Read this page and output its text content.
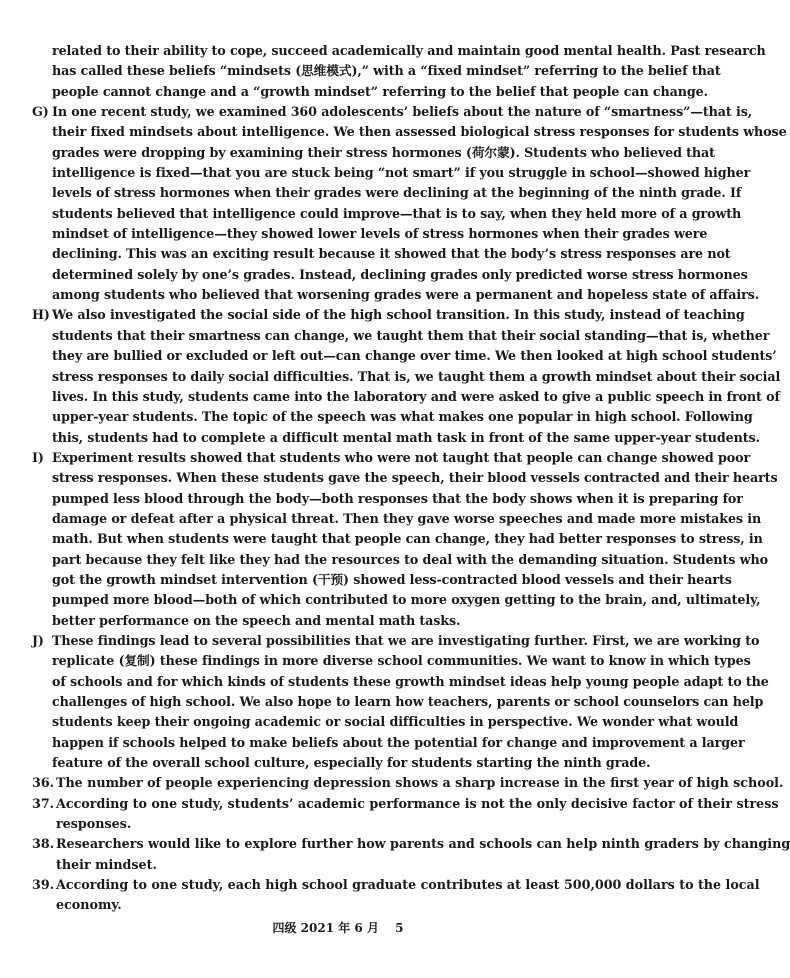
related to their ability to cope, succeed academically and maintain good mental health. Past research
has called these beliefs “mindsets (思维模式),” with a “fixed mindset” referring to the belief that
people cannot change and a “growth mindset” referring to the belief that people can change.
G) In one recent study, we examined 360 adolescents’ beliefs about the nature of “smartness”—that is,
their fixed mindsets about intelligence. We then assessed biological stress responses for students whose
grades were dropping by examining their stress hormones (荷尔蒙). Students who believed that
intelligence is fixed—that you are stuck being “not smart” if you struggle in school—showed higher
levels of stress hormones when their grades were declining at the beginning of the ninth grade. If
students believed that intelligence could improve—that is to say, when they held more of a growth
mindset of intelligence—they showed lower levels of stress hormones when their grades were
declining. This was an exciting result because it showed that the body’s stress responses are not
determined solely by one’s grades. Instead, declining grades only predicted worse stress hormones
among students who believed that worsening grades were a permanent and hopeless state of affairs.
H) We also investigated the social side of the high school transition. In this study, instead of teaching
students that their smartness can change, we taught them that their social standing—that is, whether
they are bullied or excluded or left out—can change over time. We then looked at high school students’
stress responses to daily social difficulties. That is, we taught them a growth mindset about their social
lives. In this study, students came into the laboratory and were asked to give a public speech in front of
upper-year students. The topic of the speech was what makes one popular in high school. Following
this, students had to complete a difficult mental math task in front of the same upper-year students.
I) Experiment results showed that students who were not taught that people can change showed poor
stress responses. When these students gave the speech, their blood vessels contracted and their hearts
pumped less blood through the body—both responses that the body shows when it is preparing for
damage or defeat after a physical threat. Then they gave worse speeches and made more mistakes in
math. But when students were taught that people can change, they had better responses to stress, in
part because they felt like they had the resources to deal with the demanding situation. Students who
got the growth mindset intervention (干预) showed less-contracted blood vessels and their hearts
pumped more blood—both of which contributed to more oxygen getting to the brain, and, ultimately,
better performance on the speech and mental math tasks.
J) These findings lead to several possibilities that we are investigating further. First, we are working to
replicate (复制) these findings in more diverse school communities. We want to know in which types
of schools and for which kinds of students these growth mindset ideas help young people adapt to the
challenges of high school. We also hope to learn how teachers, parents or school counselors can help
students keep their ongoing academic or social difficulties in perspective. We wonder what would
happen if schools helped to make beliefs about the potential for change and improvement a larger
feature of the overall school culture, especially for students starting the ninth grade.
36. The number of people experiencing depression shows a sharp increase in the first year of high school.
37. According to one study, students’ academic performance is not the only decisive factor of their stress
responses.
38. Researchers would like to explore further how parents and schools can help ninth graders by changing
their mindset.
39. According to one study, each high school graduate contributes at least 500,000 dollars to the local
economy.
四级 2021 年 6 月 5
